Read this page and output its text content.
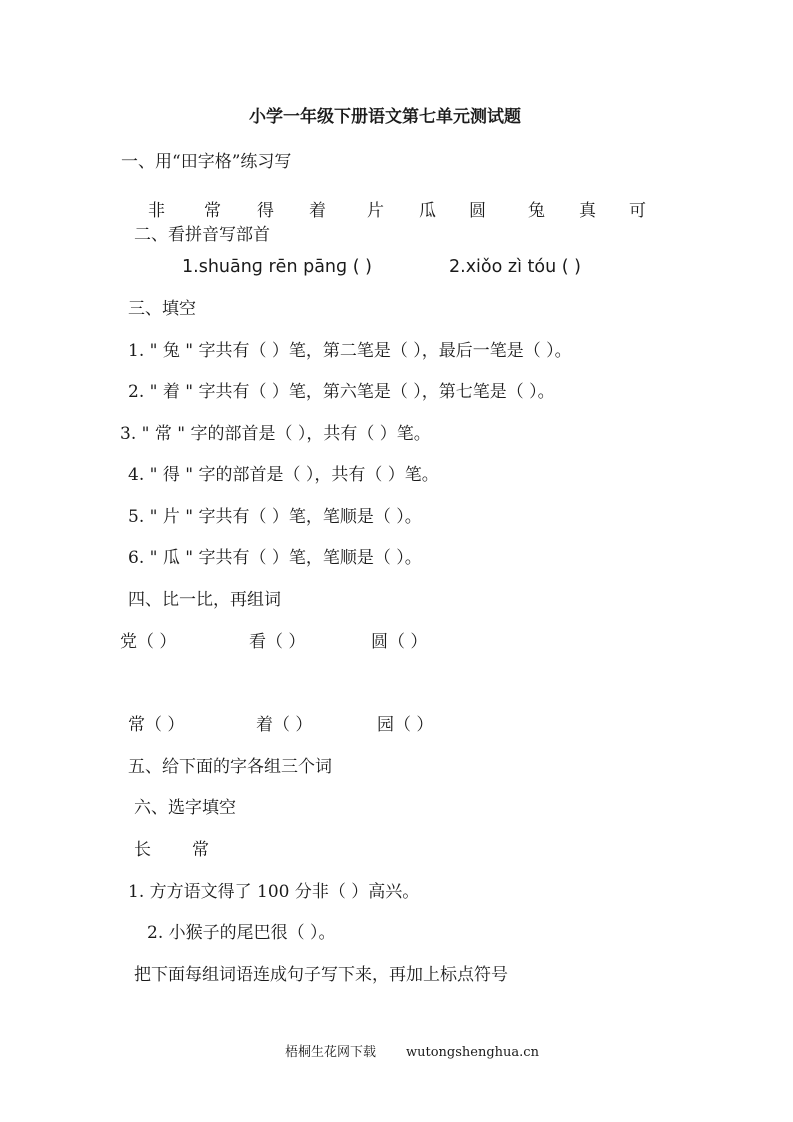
小学一年级下册语文第七单元测试题
一、用“田字格”练习写
非 常 得 着 片 瓜 圆 兔 真 可
二、看拼音写部首
1.shuānɡ rēn pānɡ ( )	2.xiǒo zì tóu ( )
三、填空
1. " 兔 " 字共有（ ）笔，第二笔是（ ），最后一笔是（ ）。
2. " 着 " 字共有（ ）笔，第六笔是（ ），第七笔是（ ）。
3. " 常 " 字的部首是（ ），共有（ ）笔。
4. " 得 " 字的部首是（ ），共有（ ）笔。
5. " 片 " 字共有（ ）笔，笔顺是（ ）。
6. " 瓜 " 字共有（ ）笔，笔顺是（ ）。
四、比一比，再组词
党（ ）	看（ ）	圆（ ）
常（ ）	着（ ）	园（ ）
五、给下面的字各组三个词
六、选字填空
长 常
1. 方方语文得了 100 分非（ ）高兴。
2. 小猴子的尾巴很（ ）。
把下面每组词语连成句子写下来，再加上标点符号
梧桐生花网下载 wutongshenghua.cn
